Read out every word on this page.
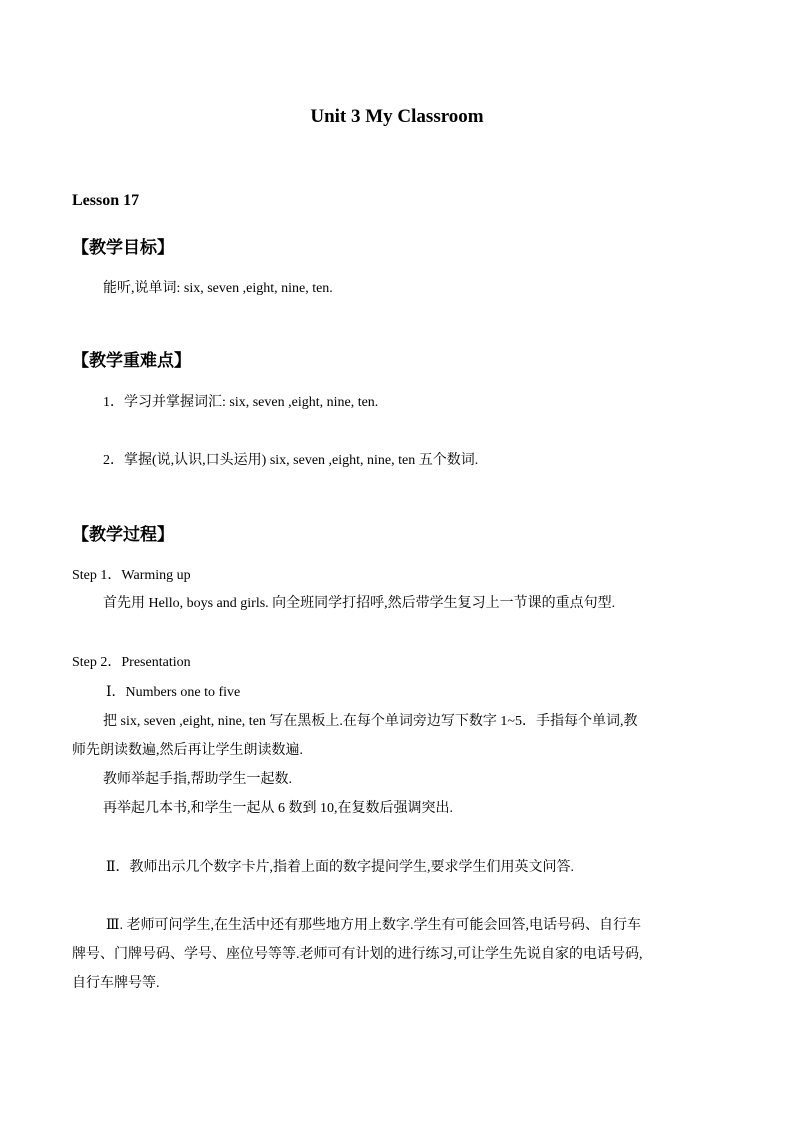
Unit 3 My Classroom
Lesson 17
【教学目标】
能听,说单词: six, seven ,eight, nine, ten.
【教学重难点】
1．学习并掌握词汇: six, seven ,eight, nine, ten.
2．掌握(说,认识,口头运用) six, seven ,eight, nine, ten 五个数词.
【教学过程】
Step 1．Warming up
首先用 Hello, boys and girls. 向全班同学打招呼,然后带学生复习上一节课的重点句型.
Step 2．Presentation
Ⅰ．Numbers one to five
把 six, seven ,eight, nine, ten 写在黑板上.在每个单词旁边写下数字 1~5．手指每个单词,教
师先朗读数遍,然后再让学生朗读数遍.
教师举起手指,帮助学生一起数.
再举起几本书,和学生一起从 6 数到 10,在复数后强调突出.
Ⅱ．教师出示几个数字卡片,指着上面的数字提问学生,要求学生们用英文问答.
Ⅲ. 老师可问学生,在生活中还有那些地方用上数字.学生有可能会回答,电话号码、自行车
牌号、门牌号码、学号、座位号等等.老师可有计划的进行练习,可让学生先说自家的电话号码,
自行车牌号等.
